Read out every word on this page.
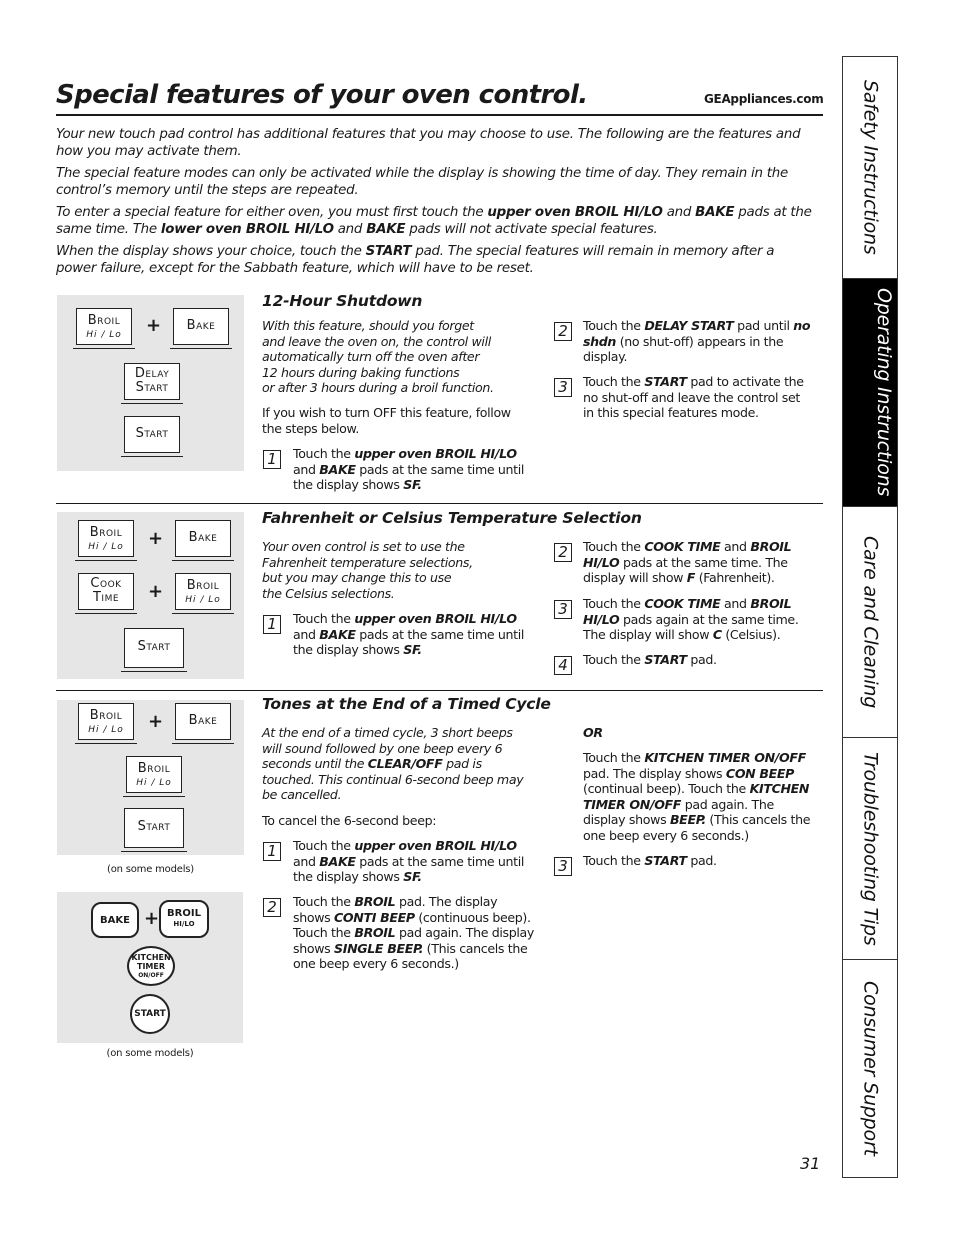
Special features of your oven control.	GEAppliances.com
Your new touch pad control has additional features that you may choose to use. The following are the features and how you may activate them.
The special feature modes can only be activated while the display is showing the time of day. They remain in the control’s memory until the steps are repeated.
To enter a special feature for either oven, you must first touch the upper oven BROIL HI/LO and BAKE pads at the same time. The lower oven BROIL HI/LO and BAKE pads will not activate special features.
When the display shows your choice, touch the START pad. The special features will remain in memory after a power failure, except for the Sabbath feature, which will have to be reset.
Safety Instructions
Operating Instructions
Care and Cleaning
Troubleshooting Tips
Consumer Support
Broil
Hi / Lo	+	Bake
Delay
Start
Start
12-Hour Shutdown
With this feature, should you forget
and leave the oven on, the control will
automatically turn off the oven after
12 hours during baking functions
or after 3 hours during a broil function.
If you wish to turn OFF this feature, follow
the steps below.
1	Touch the upper oven BROIL HI/LO and BAKE pads at the same time until the display shows SF.
2	Touch the DELAY START pad until no shdn (no shut-off) appears in the display.
3	Touch the START pad to activate the no shut-off and leave the control set in this special features mode.
Broil
Hi / Lo	+	Bake
Cook
Time	+	Broil
Hi / Lo
Start
Fahrenheit or Celsius Temperature Selection
Your oven control is set to use the
Fahrenheit temperature selections,
but you may change this to use
the Celsius selections.
1	Touch the upper oven BROIL HI/LO and BAKE pads at the same time until the display shows SF.
2	Touch the COOK TIME and BROIL HI/LO pads at the same time. The display will show F (Fahrenheit).
3	Touch the COOK TIME and BROIL HI/LO pads again at the same time. The display will show C (Celsius).
4	Touch the START pad.
Broil
Hi / Lo	+	Bake
Broil
Hi / Lo
Start
(on some models)
BAKE + BROIL
HI/LO
KITCHEN
TIMER
ON/OFF
START
(on some models)
Tones at the End of a Timed Cycle
At the end of a timed cycle, 3 short beeps will sound followed by one beep every 6 seconds until the CLEAR/OFF pad is touched. This continual 6-second beep may be cancelled.
To cancel the 6-second beep:
1	Touch the upper oven BROIL HI/LO and BAKE pads at the same time until the display shows SF.
2	Touch the BROIL pad. The display shows CONTI BEEP (continuous beep). Touch the BROIL pad again. The display shows SINGLE BEEP. (This cancels the one beep every 6 seconds.)
OR
Touch the KITCHEN TIMER ON/OFF pad. The display shows CON BEEP (continual beep). Touch the KITCHEN TIMER ON/OFF pad again. The display shows BEEP. (This cancels the one beep every 6 seconds.)
3	Touch the START pad.
31
